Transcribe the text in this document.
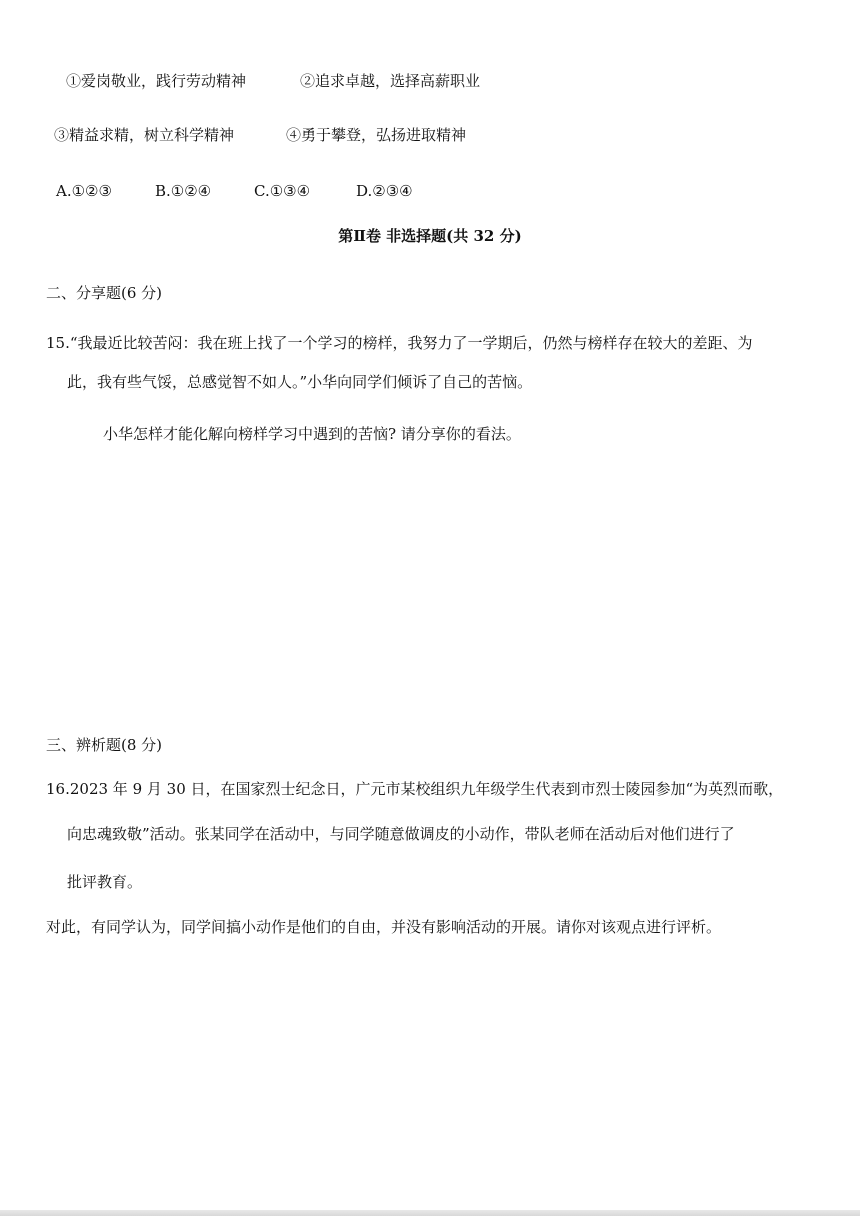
①爱岗敬业，践行劳动精神	②追求卓越，选择高薪职业
③精益求精，树立科学精神	④勇于攀登，弘扬进取精神
A.①②③	B.①②④	C.①③④	D.②③④
第Ⅱ卷 非选择题(共 32 分)
二、分享题(6 分)
15.“我最近比较苦闷：我在班上找了一个学习的榜样，我努力了一学期后，仍然与榜样存在较大的差距、为
此，我有些气馁，总感觉智不如人。”小华向同学们倾诉了自己的苦恼。
小华怎样才能化解向榜样学习中遇到的苦恼? 请分享你的看法。
三、辨析题(8 分)
16.2023 年 9 月 30 日，在国家烈士纪念日，广元市某校组织九年级学生代表到市烈士陵园参加“为英烈而歌，
向忠魂致敬”活动。张某同学在活动中，与同学随意做调皮的小动作，带队老师在活动后对他们进行了
批评教育。
对此，有同学认为，同学间搞小动作是他们的自由，并没有影响活动的开展。请你对该观点进行评析。
